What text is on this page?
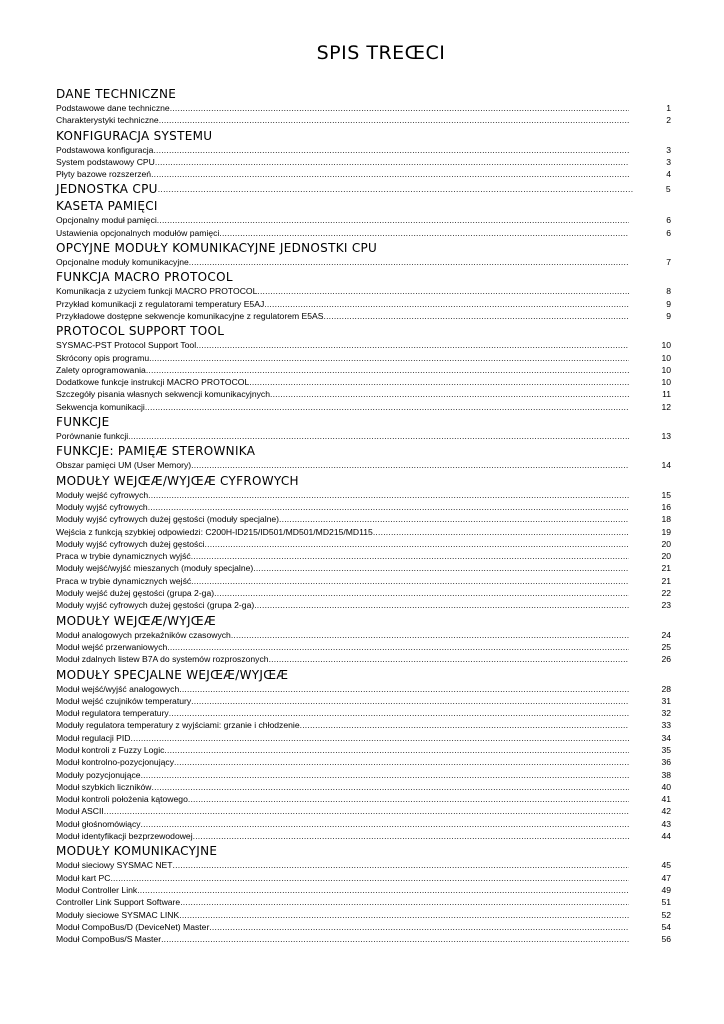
SPIS TREŒCI
DANE TECHNICZNE
Podstawowe dane techniczne .....	1
Charakterystyki techniczne .....	2
KONFIGURACJA SYSTEMU
Podstawowa konfiguracja .....	3
System podstawowy CPU .....	3
Płyty bazowe rozszerzeń .....	4
JEDNOSTKA CPU .....	5
KASETA PAMIĘCI
Opcjonalny moduł pamięci .....	6
Ustawienia opcjonalnych modułów pamięci .....	6
OPCYJNE MODUŁY KOMUNIKACYJNE JEDNOSTKI CPU
Opcjonalne moduły komunikacyjne .....	7
FUNKCJA MACRO PROTOCOL
Komunikacja z użyciem funkcji MACRO PROTOCOL .....	8
Przykład komunikacji z regulatorami temperatury E5AJ .....	9
Przykładowe dostępne sekwencje komunikacyjne z regulatorem E5AS .....	9
PROTOCOL SUPPORT TOOL
SYSMAC-PST Protocol Support Tool .....	10
Skrócony opis programu .....	10
Zalety oprogramowania .....	10
Dodatkowe funkcje instrukcji MACRO PROTOCOL .....	10
Szczegóły pisania własnych sekwencji komunikacyjnych .....	11
Sekwencja komunikacji .....	12
FUNKCJE
Porównanie funkcji .....	13
FUNKCJE: PAMIĘÆ STEROWNIKA
Obszar pamięci UM (User Memory) .....	14
MODUŁY WEJŒÆ/WYJŒÆ CYFROWYCH
Moduły wejść cyfrowych .....	15
Moduły wyjść cyfrowych .....	16
Moduły wyjść cyfrowych dużej gęstości (moduły specjalne) .....	18
Wejścia z funkcją szybkiej odpowiedzi: C200H-ID215/ID501/MD501/MD215/MD115 .....	19
Moduły wyjść cyfrowych dużej gęstości .....	20
Praca w trybie dynamicznych wyjść .....	20
Moduły wejść/wyjść mieszanych (moduły specjalne) .....	21
Praca w trybie dynamicznych wejść .....	21
Moduły wejść dużej gęstości (grupa 2-ga) .....	22
Moduły wyjść cyfrowych dużej gęstości (grupa 2-ga) .....	23
MODUŁY WEJŒÆ/WYJŒÆ
Moduł analogowych przekaźników czasowych .....	24
Moduł wejść przerwaniowych .....	25
Moduł zdalnych listew B7A do systemów rozproszonych .....	26
MODUŁY SPECJALNE WEJŒÆ/WYJŒÆ
Moduł wejść/wyjść analogowych .....	28
Moduł wejść czujników temperatury .....	31
Moduł regulatora temperatury .....	32
Moduły regulatora temperatury z wyjściami: grzanie i chłodzenie .....	33
Moduł regulacji PID .....	34
Moduł kontroli z Fuzzy Logic .....	35
Moduł kontrolno-pozycjonujący .....	36
Moduły pozycjonujące .....	38
Moduł szybkich liczników .....	40
Moduł kontroli położenia kątowego .....	41
Moduł ASCII .....	42
Moduł głośnomówiący .....	43
Moduł identyfikacji bezprzewodowej .....	44
MODUŁY KOMUNIKACYJNE
Moduł sieciowy SYSMAC NET .....	45
Moduł kart PC .....	47
Moduł Controller Link .....	49
Controller Link Support Software .....	51
Moduły sieciowe SYSMAC LINK .....	52
Moduł CompoBus/D (DeviceNet) Master .....	54
Moduł CompoBus/S Master .....	56
